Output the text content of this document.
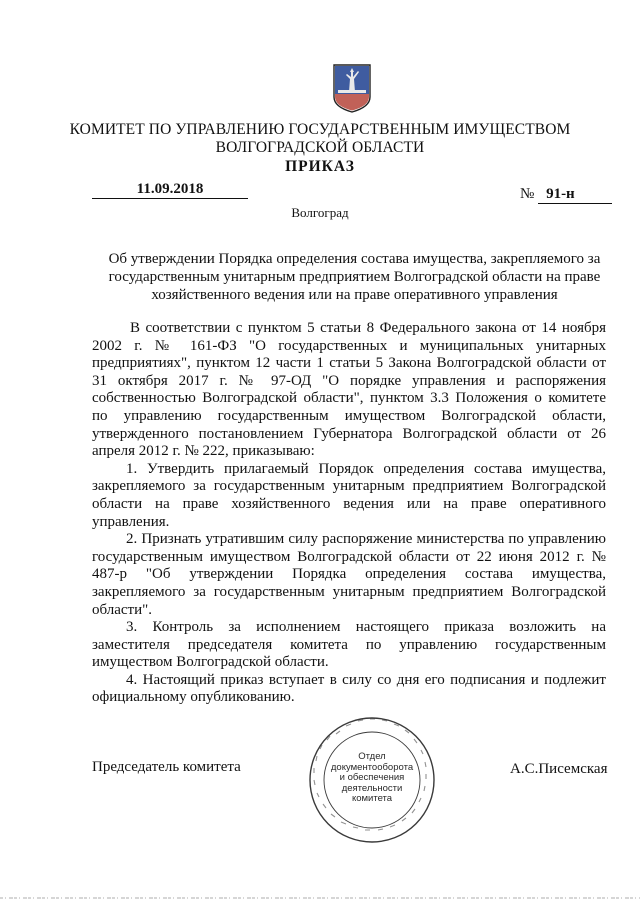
КОМИТЕТ ПО УПРАВЛЕНИЮ ГОСУДАРСТВЕННЫМ ИМУЩЕСТВОМ
ВОЛГОГРАДСКОЙ ОБЛАСТИ
ПРИКАЗ
11.09.2018	№ 91-н
Волгоград
Об утверждении Порядка определения состава имущества, закрепляемого за государственным унитарным предприятием Волгоградской области на праве хозяйственного ведения или на праве оперативного управления

В соответствии с пунктом 5 статьи 8 Федерального закона от 14 ноября 2002 г. № 161-ФЗ "О государственных и муниципальных унитарных предприятиях", пунктом 12 части 1 статьи 5 Закона Волгоградской области от 31 октября 2017 г. № 97-ОД "О порядке управления и распоряжения собственностью Волгоградской области", пунктом 3.3 Положения о комитете по управлению государственным имуществом Волгоградской области, утвержденного постановлением Губернатора Волгоградской области от 26 апреля 2012 г. № 222, приказываю:

1. Утвердить прилагаемый Порядок определения состава имущества, закрепляемого за государственным унитарным предприятием Волгоградской области на праве хозяйственного ведения или на праве оперативного управления.

2. Признать утратившим силу распоряжение министерства по управлению государственным имуществом Волгоградской области от 22 июня 2012 г. № 487-р "Об утверждении Порядка определения состава имущества, закрепляемого за государственным унитарным предприятием Волгоградской области".

3. Контроль за исполнением настоящего приказа возложить на заместителя председателя комитета по управлению государственным имуществом Волгоградской области.

4. Настоящий приказ вступает в силу со дня его подписания и подлежит официальному опубликованию.

Председатель комитета	А.С.Писемская
Отдел
документооборота
и обеспечения
деятельности
комитета
